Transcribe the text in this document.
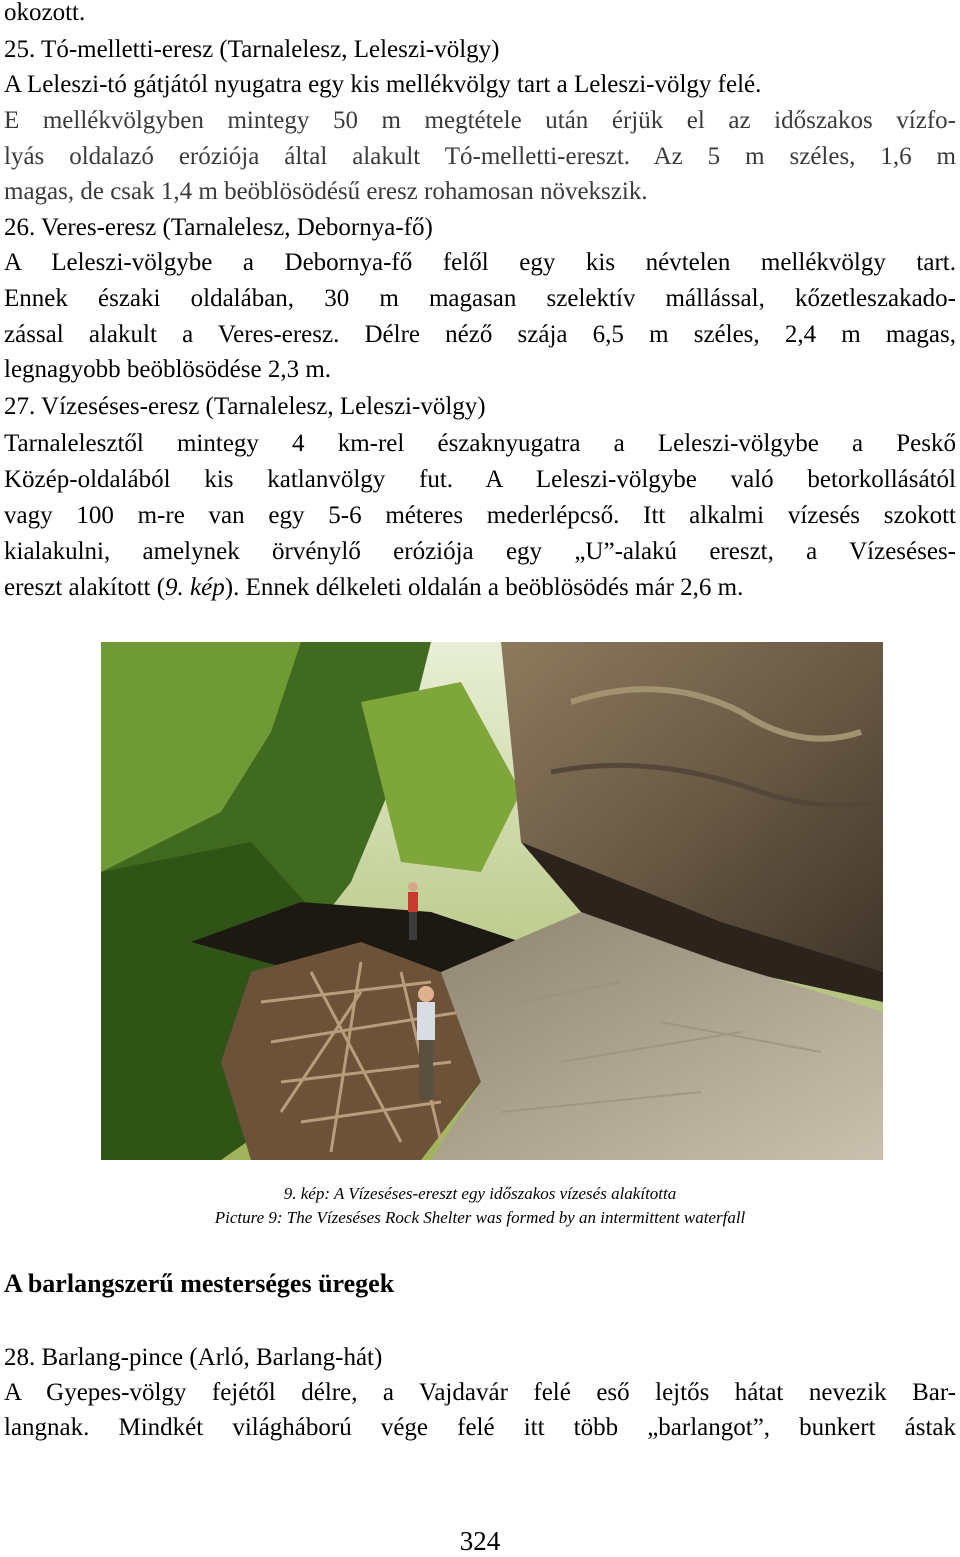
okozott.
25. Tó-melletti-eresz (Tarnalelesz, Leleszi-völgy)
A Leleszi-tó gátjától nyugatra egy kis mellékvölgy tart a Leleszi-völgy felé.
E mellékvölgyben mintegy 50 m megtétele után érjük el az időszakos vízfo-
lyás oldalazó eróziója által alakult Tó-melletti-ereszt. Az 5 m széles, 1,6 m
magas, de csak 1,4 m beöblösödésű eresz rohamosan növekszik.
26. Veres-eresz (Tarnalelesz, Debornya-fő)
A Leleszi-völgybe a Debornya-fő felől egy kis névtelen mellékvölgy tart.
Ennek északi oldalában, 30 m magasan szelektív mállással, kőzetleszakado-
zással alakult a Veres-eresz. Délre néző szája 6,5 m széles, 2,4 m magas,
legnagyobb beöblösödése 2,3 m.
27. Vízeséses-eresz (Tarnalelesz, Leleszi-völgy)
Tarnalelesztől mintegy 4 km-rel északnyugatra a Leleszi-völgybe a Peskő
Közép-oldalából kis katlanvölgy fut. A Leleszi-völgybe való betorkollásától
vagy 100 m-re van egy 5-6 méteres mederlépcső. Itt alkalmi vízesés szokott
kialakulni, amelynek örvénylő eróziója egy „U”-alakú ereszt, a Vízeséses-
ereszt alakított (9. kép). Ennek délkeleti oldalán a beöblösödés már 2,6 m.
9. kép: A Vízeséses-ereszt egy időszakos vízesés alakította
Picture 9: The Vízeséses Rock Shelter was formed by an intermittent waterfall
A barlangszerű mesterséges üregek
28. Barlang-pince (Arló, Barlang-hát)
A Gyepes-völgy fejétől délre, a Vajdavár felé eső lejtős hátat nevezik Bar-
langnak. Mindkét világháború vége felé itt több „barlangot”, bunkert ástak
324
